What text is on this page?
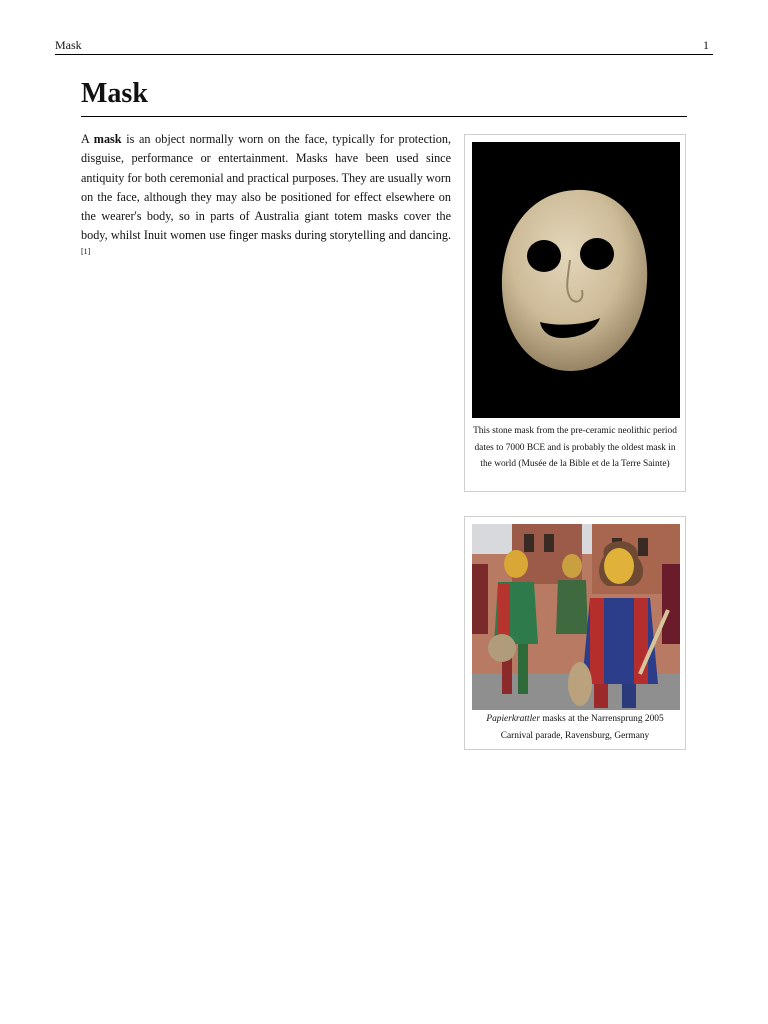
Mask	1
Mask

A mask is an object normally worn on the face, typically for protection, disguise, performance or entertainment. Masks have been used since antiquity for both ceremonial and practical purposes. They are usually worn on the face, although they may also be positioned for effect elsewhere on the wearer's body, so in parts of Australia giant totem masks cover the body, whilst Inuit women use finger masks during storytelling and dancing.[1]

This stone mask from the pre-ceramic neolithic period dates to 7000 BCE and is probably the oldest mask in the world (Musée de la Bible et de la Terre Sainte)

Papierkrattler masks at the Narrensprung 2005 Carnival parade, Ravensburg, Germany
